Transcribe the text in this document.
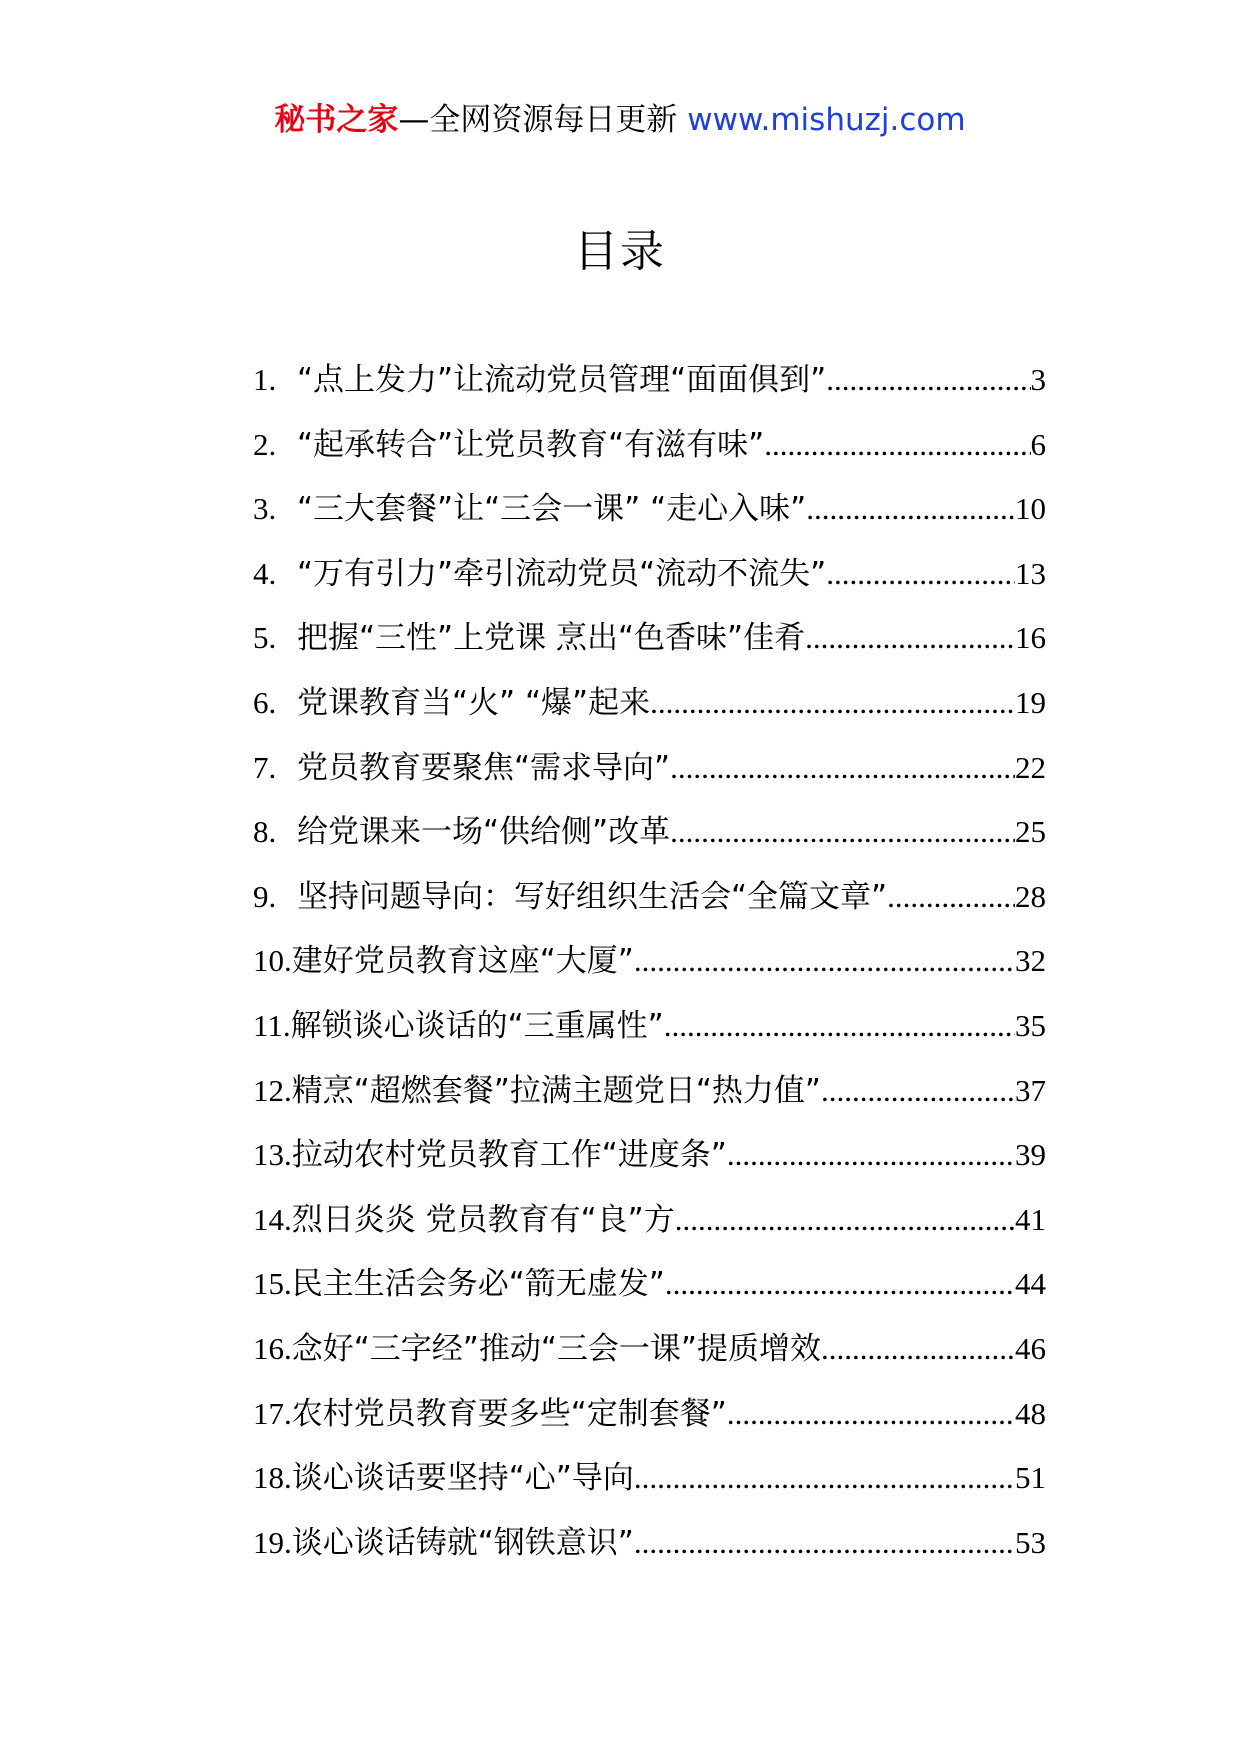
秘书之家—全网资源每日更新 www.mishuzj.com
目录
1. “点上发力”让流动党员管理“面面俱到” .....	3
2. “起承转合”让党员教育“有滋有味” .....	6
3. “三大套餐”让“三会一课” “走心入味” .....	10
4. “万有引力”牵引流动党员“流动不流失” .....	13
5. 把握“三性”上党课 烹出“色香味”佳肴 .....	16
6. 党课教育当“火” “爆”起来 .....	19
7. 党员教育要聚焦“需求导向” .....	22
8. 给党课来一场“供给侧”改革 .....	25
9. 坚持问题导向：写好组织生活会“全篇文章” .....	28
10. 建好党员教育这座“大厦” .....	32
11. 解锁谈心谈话的“三重属性” .....	35
12. 精烹“超燃套餐”拉满主题党日“热力值” .....	37
13. 拉动农村党员教育工作“进度条” .....	39
14. 烈日炎炎 党员教育有“良”方 .....	41
15. 民主生活会务必“箭无虚发” .....	44
16. 念好“三字经”推动“三会一课”提质增效 .....	46
17. 农村党员教育要多些“定制套餐” .....	48
18. 谈心谈话要坚持“心”导向 .....	51
19. 谈心谈话铸就“钢铁意识” .....	53
